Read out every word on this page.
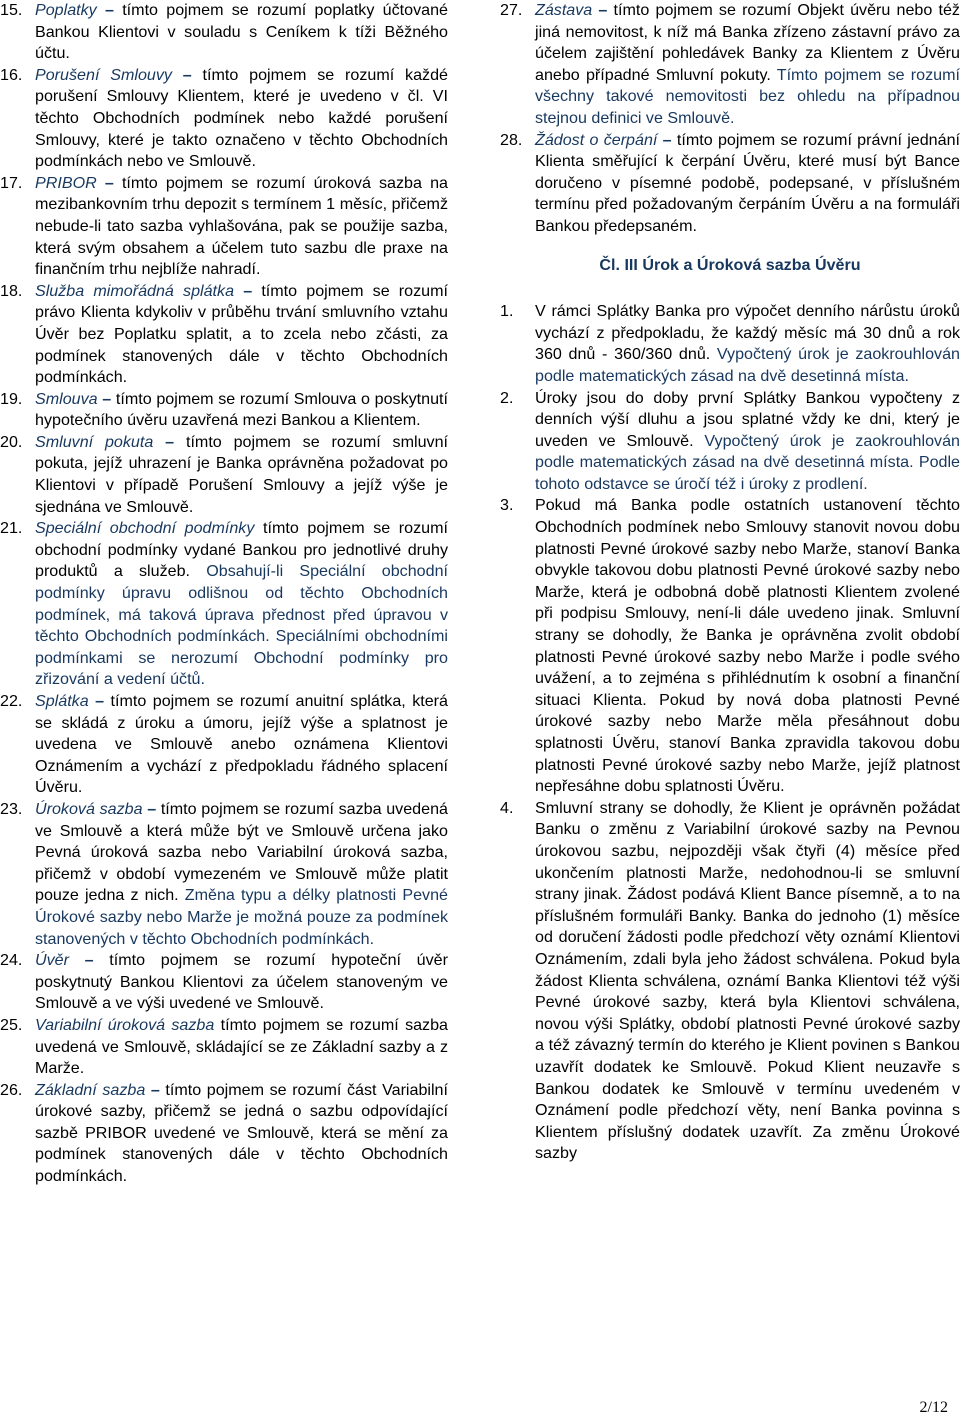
15. Poplatky – tímto pojmem se rozumí poplatky účtované Bankou Klientovi v souladu s Ceníkem k tíži Běžného účtu.
16. Porušení Smlouvy – tímto pojmem se rozumí každé porušení Smlouvy Klientem, které je uvedeno v čl. VI těchto Obchodních podmínek nebo každé porušení Smlouvy, které je takto označeno v těchto Obchodních podmínkách nebo ve Smlouvě.
17. PRIBOR – tímto pojmem se rozumí úroková sazba na mezibankovním trhu depozit s termínem 1 měsíc, přičemž nebude-li tato sazba vyhlašována, pak se použije sazba, která svým obsahem a účelem tuto sazbu dle praxe na finančním trhu nejblíže nahradí.
18. Služba mimořádná splátka – tímto pojmem se rozumí právo Klienta kdykoliv v průběhu trvání smluvního vztahu Úvěr bez Poplatku splatit, a to zcela nebo zčásti, za podmínek stanovených dále v těchto Obchodních podmínkách.
19. Smlouva – tímto pojmem se rozumí Smlouva o poskytnutí hypotečního úvěru uzavřená mezi Bankou a Klientem.
20. Smluvní pokuta – tímto pojmem se rozumí smluvní pokuta, jejíž uhrazení je Banka oprávněna požadovat po Klientovi v případě Porušení Smlouvy a jejíž výše je sjednána ve Smlouvě.
21. Speciální obchodní podmínky tímto pojmem se rozumí obchodní podmínky vydané Bankou pro jednotlivé druhy produktů a služeb. Obsahují-li Speciální obchodní podmínky úpravu odlišnou od těchto Obchodních podmínek, má taková úprava přednost před úpravou v těchto Obchodních podmínkách. Speciálními obchodními podmínkami se nerozumí Obchodní podmínky pro zřizování a vedení účtů.
22. Splátka – tímto pojmem se rozumí anuitní splátka, která se skládá z úroku a úmoru, jejíž výše a splatnost je uvedena ve Smlouvě anebo oznámena Klientovi Oznámením a vychází z předpokladu řádného splacení Úvěru.
23. Úroková sazba – tímto pojmem se rozumí sazba uvedená ve Smlouvě a která může být ve Smlouvě určena jako Pevná úroková sazba nebo Variabilní úroková sazba, přičemž v období vymezeném ve Smlouvě může platit pouze jedna z nich. Změna typu a délky platnosti Pevné Úrokové sazby nebo Marže je možná pouze za podmínek stanovených v těchto Obchodních podmínkách.
24. Úvěr – tímto pojmem se rozumí hypoteční úvěr poskytnutý Bankou Klientovi za účelem stanoveným ve Smlouvě a ve výši uvedené ve Smlouvě.
25. Variabilní úroková sazba tímto pojmem se rozumí sazba uvedená ve Smlouvě, skládající se ze Základní sazby a z Marže.
26. Základní sazba – tímto pojmem se rozumí část Variabilní úrokové sazby, přičemž se jedná o sazbu odpovídající sazbě PRIBOR uvedené ve Smlouvě, která se mění za podmínek stanovených dále v těchto Obchodních podmínkách.
27. Zástava – tímto pojmem se rozumí Objekt úvěru nebo též jiná nemovitost, k níž má Banka zřízeno zástavní právo za účelem zajištění pohledávek Banky za Klientem z Úvěru anebo případné Smluvní pokuty. Tímto pojmem se rozumí všechny takové nemovitosti bez ohledu na případnou stejnou definici ve Smlouvě.
28. Žádost o čerpání – tímto pojmem se rozumí právní jednání Klienta směřující k čerpání Úvěru, které musí být Bance doručeno v písemné podobě, podepsané, v příslušném termínu před požadovaným čerpáním Úvěru a na formuláři Bankou předepsaném.
Čl. III Úrok a Úroková sazba Úvěru
1.	V rámci Splátky Banka pro výpočet denního nárůstu úroků vychází z předpokladu, že každý měsíc má 30 dnů a rok 360 dnů - 360/360 dnů. Vypočtený úrok je zaokrouhlován podle matematických zásad na dvě desetinná místa.
2.	Úroky jsou do doby první Splátky Bankou vypočteny z denních výší dluhu a jsou splatné vždy ke dni, který je uveden ve Smlouvě. Vypočtený úrok je zaokrouhlován podle matematických zásad na dvě desetinná místa. Podle tohoto odstavce se úročí též i úroky z prodlení.
3.	Pokud má Banka podle ostatních ustanovení těchto Obchodních podmínek nebo Smlouvy stanovit novou dobu platnosti Pevné úrokové sazby nebo Marže, stanoví Banka obvykle takovou dobu platnosti Pevné úrokové sazby nebo Marže, která je odbobná době platnosti Klientem zvolené při podpisu Smlouvy, není-li dále uvedeno jinak. Smluvní strany se dohodly, že Banka je oprávněna zvolit období platnosti Pevné úrokové sazby nebo Marže i podle svého uvážení, a to zejména s přihlédnutím k osobní a finanční situaci Klienta. Pokud by nová doba platnosti Pevné úrokové sazby nebo Marže měla přesáhnout dobu splatnosti Úvěru, stanoví Banka zpravidla takovou dobu platnosti Pevné úrokové sazby nebo Marže, jejíž platnost nepřesáhne dobu splatnosti Úvěru.
4.	Smluvní strany se dohodly, že Klient je oprávněn požádat Banku o změnu z Variabilní úrokové sazby na Pevnou úrokovou sazbu, nejpozději však čtyři (4) měsíce před ukončením platnosti Marže, nedohodnou-li se smluvní strany jinak. Žádost podává Klient Bance písemně, a to na příslušném formuláři Banky. Banka do jednoho (1) měsíce od doručení žádosti podle předchozí věty oznámí Klientovi Oznámením, zdali byla jeho žádost schválena. Pokud byla žádost Klienta schválena, oznámí Banka Klientovi též výši Pevné úrokové sazby, která byla Klientovi schválena, novou výši Splátky, období platnosti Pevné úrokové sazby a též závazný termín do kterého je Klient povinen s Bankou uzavřít dodatek ke Smlouvě. Pokud Klient neuzavře s Bankou dodatek ke Smlouvě v termínu uvedeném v Oznámení podle předchozí věty, není Banka povinna s Klientem příslušný dodatek uzavřít. Za změnu Úrokové sazby
2/12
